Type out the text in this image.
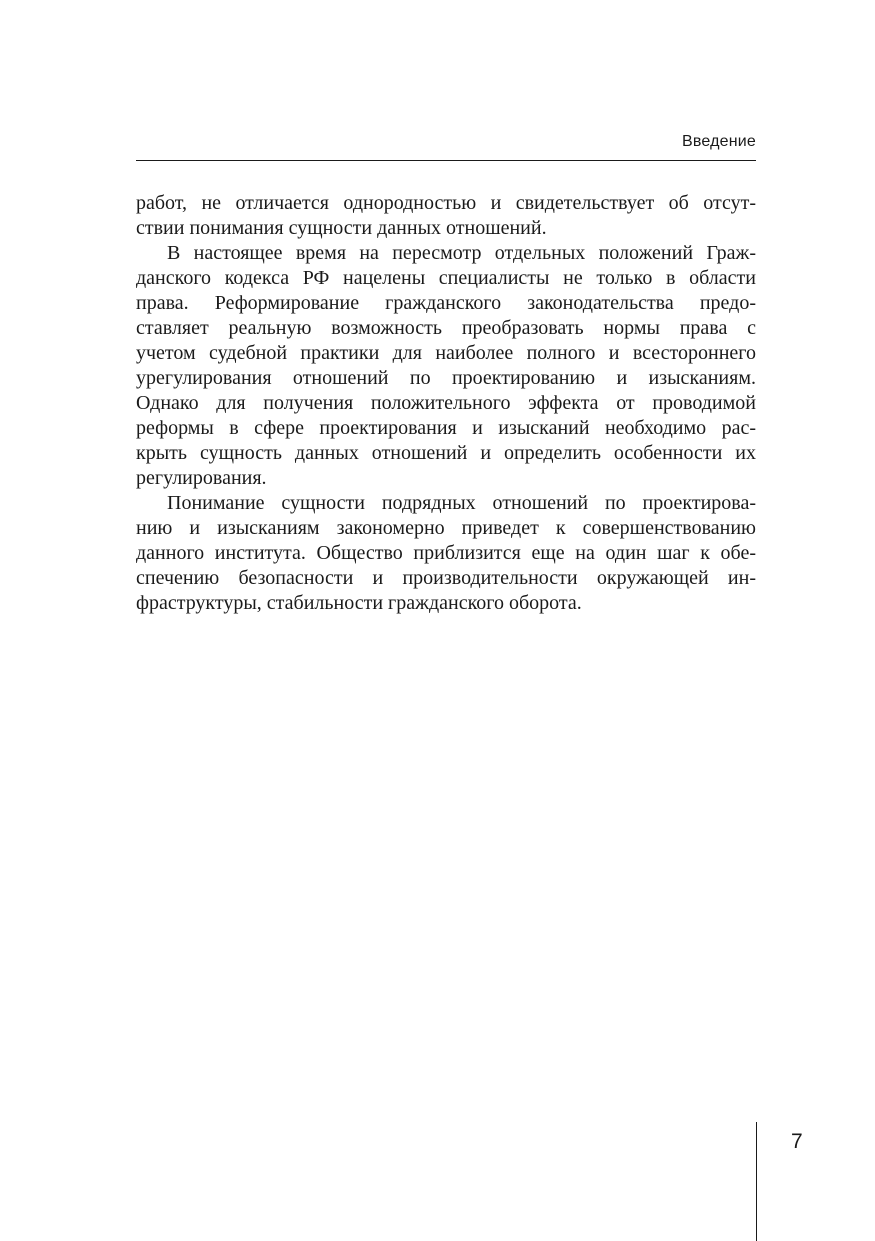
Введение
работ, не отличается однородностью и свидетельствует об отсут-
ствии понимания сущности данных отношений.
В настоящее время на пересмотр отдельных положений Граж-
данского кодекса РФ нацелены специалисты не только в области
права. Реформирование гражданского законодательства предо-
ставляет реальную возможность преобразовать нормы права с
учетом судебной практики для наиболее полного и всестороннего
урегулирования отношений по проектированию и изысканиям.
Однако для получения положительного эффекта от проводимой
реформы в сфере проектирования и изысканий необходимо рас-
крыть сущность данных отношений и определить особенности их
регулирования.
Понимание сущности подрядных отношений по проектирова-
нию и изысканиям закономерно приведет к совершенствованию
данного института. Общество приблизится еще на один шаг к обе-
спечению безопасности и производительности окружающей ин-
фраструктуры, стабильности гражданского оборота.
7
